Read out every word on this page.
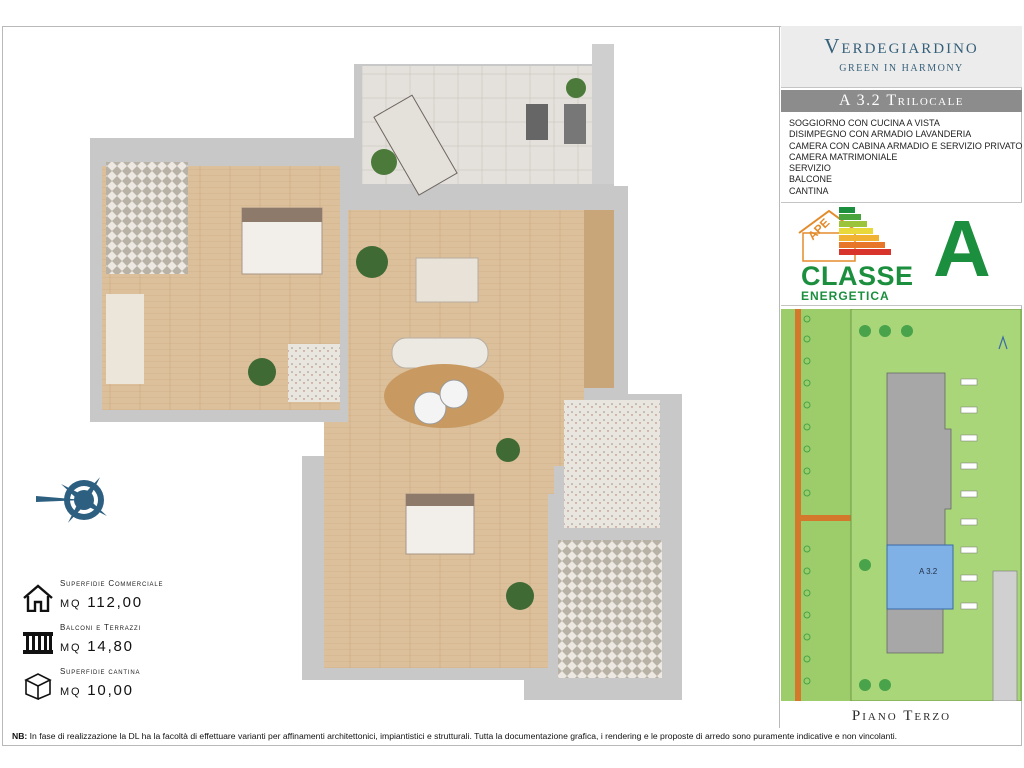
Superfidie Commerciale
mq 112,00
Balconi e Terrazzi
mq 14,80
Superfidie cantina
mq 10,00
Verdegiardino
GREEN IN HARMONY
A 3.2 Trilocale
SOGGIORNO CON CUCINA A VISTA
DISIMPEGNO CON ARMADIO LAVANDERIA
CAMERA CON CABINA ARMADIO E SERVIZIO PRIVATO
CAMERA MATRIMONIALE
SERVIZIO
BALCONE
CANTINA
APE
CLASSE
ENERGETICA
A
A 3.2
Piano Terzo
NB: In fase di realizzazione la DL ha la facoltà di effettuare varianti per affinamenti architettonici, impiantistici e strutturali. Tutta la documentazione grafica, i rendering e le proposte di arredo sono puramente indicative e non vincolanti.
